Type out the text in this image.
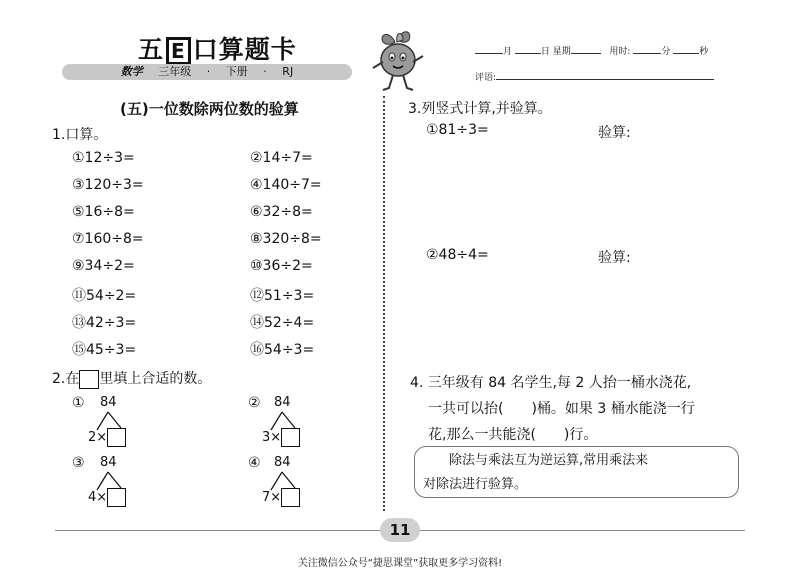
五 E 口算题卡
数学 三年级 · 下册 · RJ
月	日 星期	用时:	分	秒
评语:
(五)一位数除两位数的验算
1.口算。
①12÷3=	②14÷7=
③120÷3=	④140÷7=
⑤16÷8=	⑥32÷8=
⑦160÷8=	⑧320÷8=
⑨34÷2=	⑩36÷2=
⑪54÷2=	⑫51÷3=
⑬42÷3=	⑭52÷4=
⑮45÷3=	⑯54÷3=
2.在 里填上合适的数。
① 84
2×
② 84
3×
③ 84
4×
④ 84
7×
3.列竖式计算,并验算。
①81÷3=	验算:
②48÷4=	验算:
4. 三年级有 84 名学生,每 2 人抬一桶水浇花,
一共可以抬(　　)桶。如果 3 桶水能浇一行
花,那么一共能浇(　　)行。
除法与乘法互为逆运算,常用乘法来
对除法进行验算。
11
关注微信公众号“捷思课堂”获取更多学习资料!
